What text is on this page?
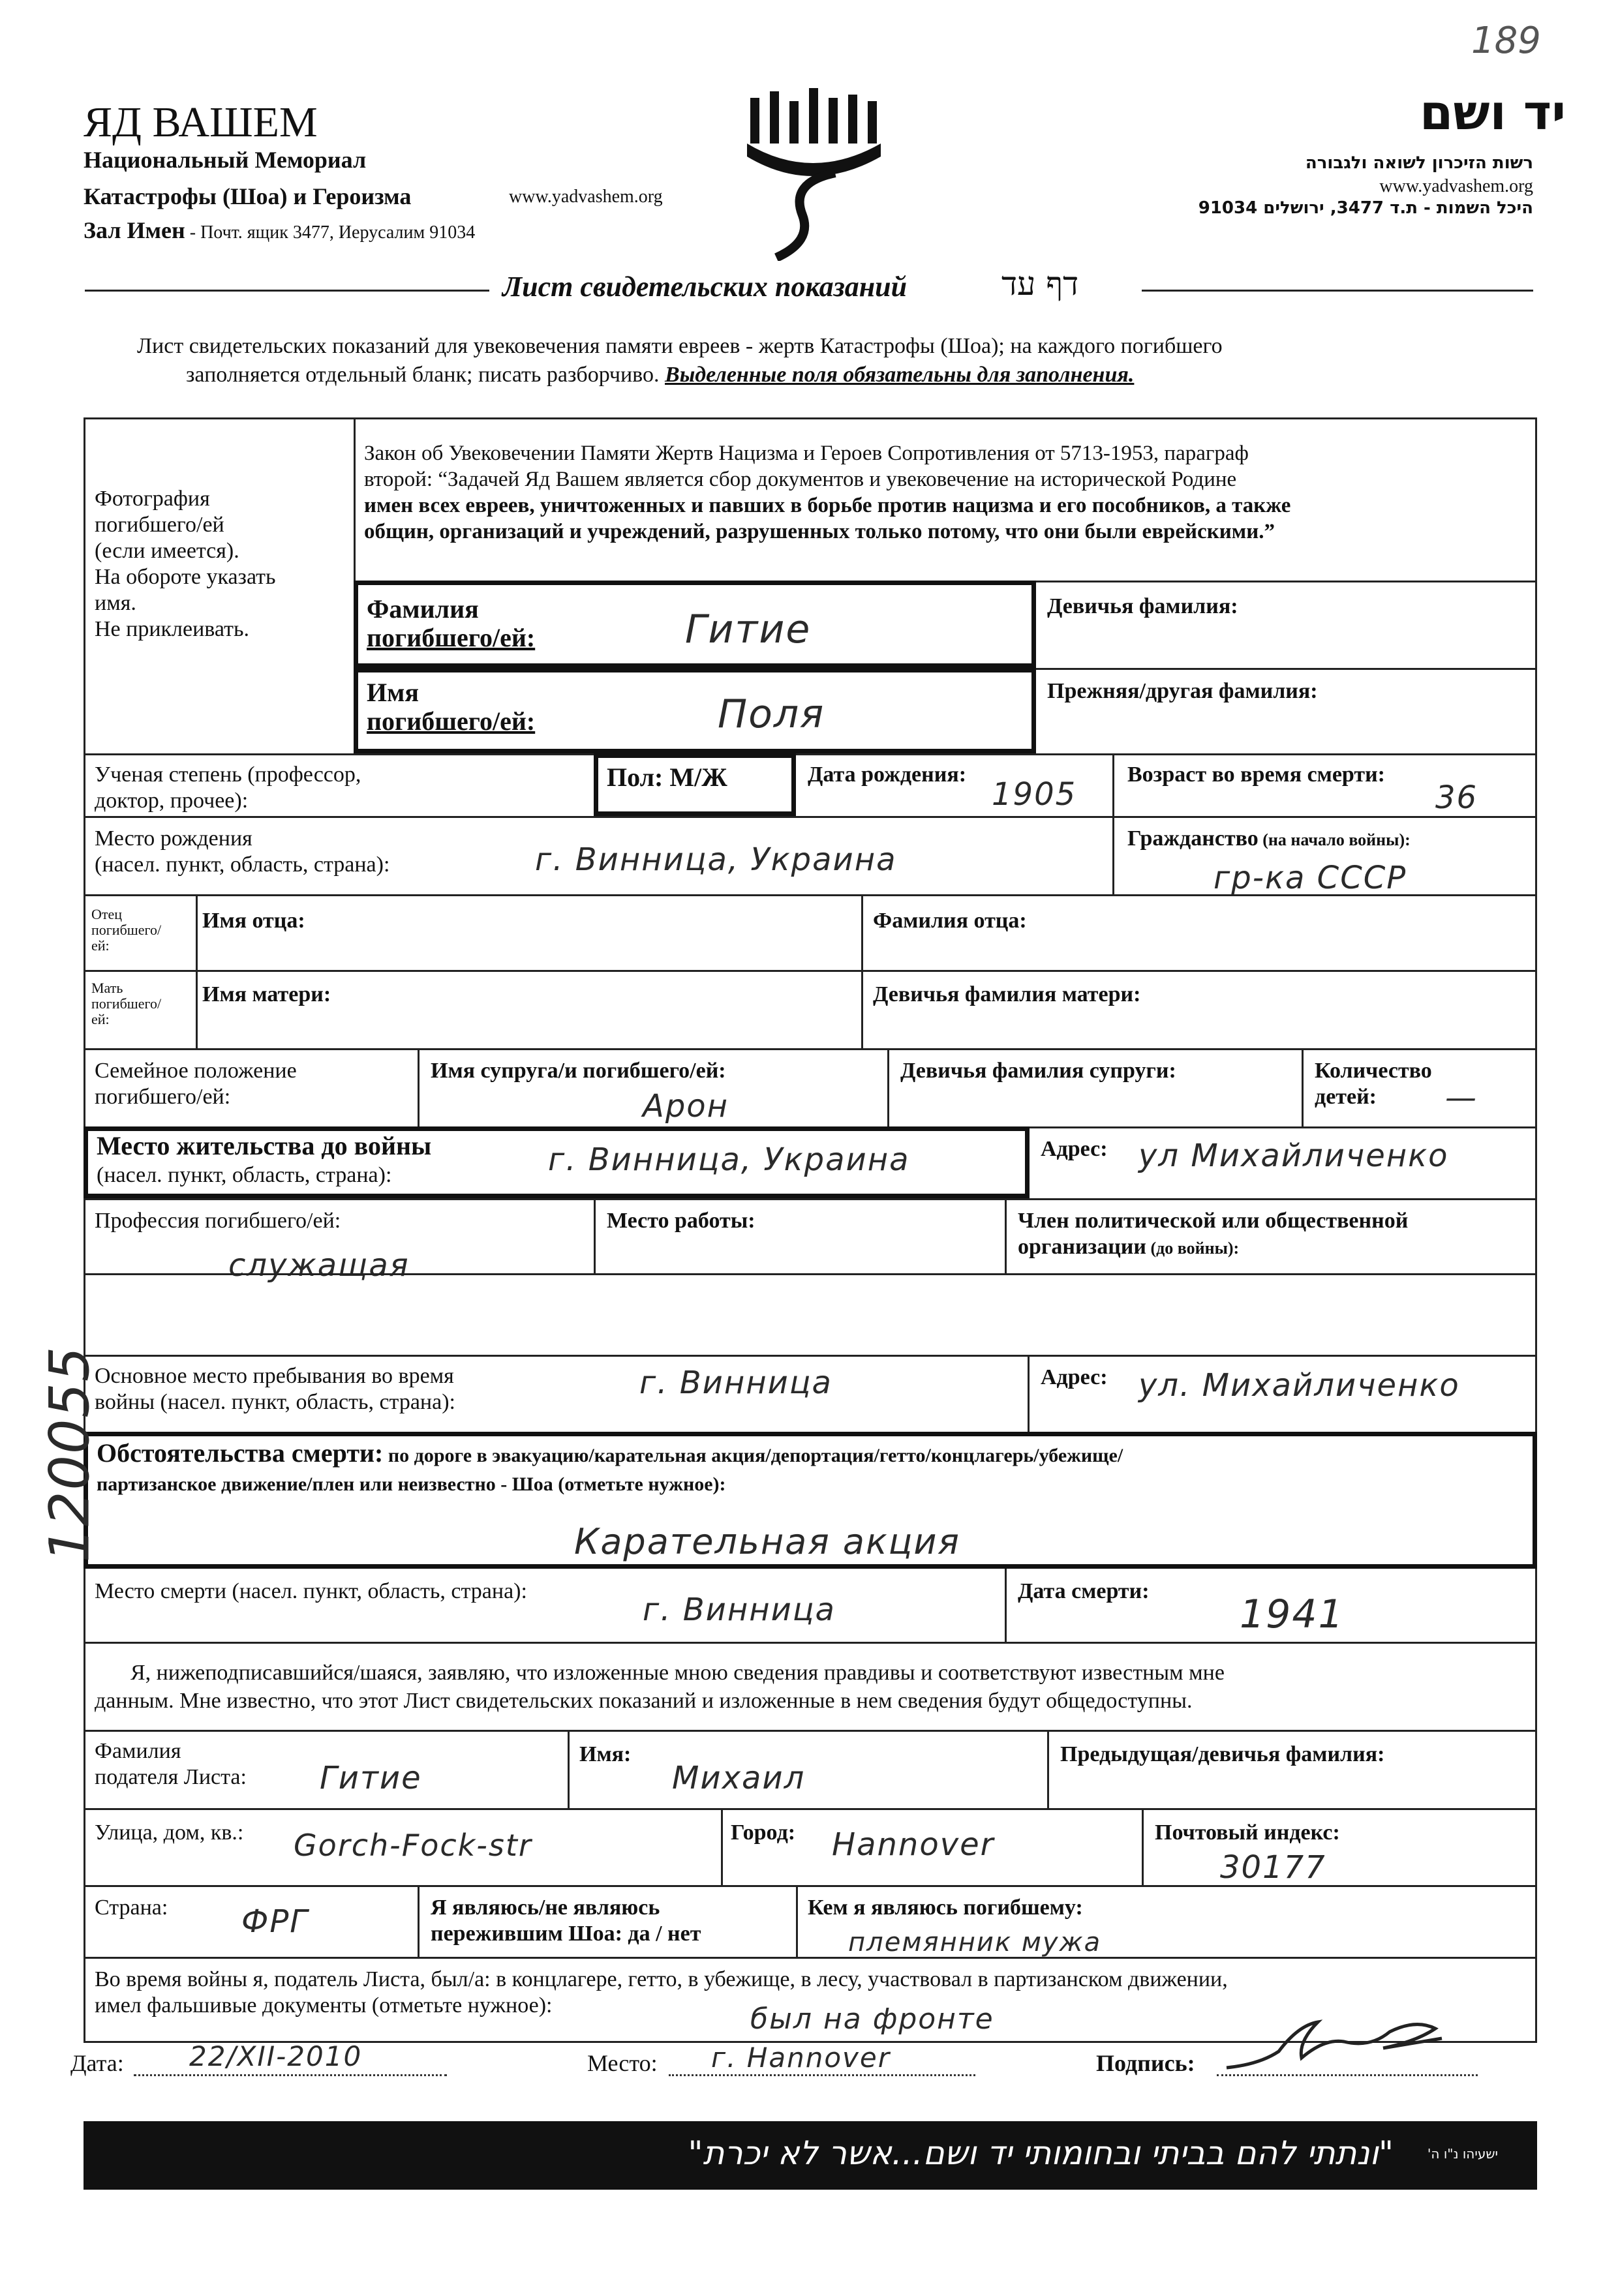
189
ЯД ВАШЕМ
Национальный Мемориал
Катастрофы (Шоа) и Героизма	www.yadvashem.org
Зал Имен - Почт. ящик 3477, Иерусалим 91034
יד ושם
רשות הזיכרון לשואה ולגבורה
www.yadvashem.org
היכל השמות - ת.ד 3477, ירושלים 91034
Лист свидетельских показаний	דף עד
Лист свидетельских показаний для увековечения памяти евреев - жертв Катастрофы (Шоа); на каждого погибшего
заполняется отдельный бланк; писать разборчиво. Выделенные поля обязательны для заполнения.
Фотография
погибшего/ей
(если имеется).
На обороте указать
имя.
Не приклеивать.
Закон об Увековечении Памяти Жертв Нацизма и Героев Сопротивления от 5713-1953, параграф
второй: “Задачей Яд Вашем является сбор документов и увековечение на исторической Родине
имен всех евреев, уничтоженных и павших в борьбе против нацизма и его пособников, а также
общин, организаций и учреждений, разрушенных только потому, что они были еврейскими.”
Фамилия
погибшего/ей:	Гитие
Девичья фамилия:
Имя
погибшего/ей:	Поля
Прежняя/другая фамилия:
Ученая степень (профессор,
доктор, прочее):
Пол: М/Ж	Дата рождения:
1905
Возраст во время смерти:
36
Место рождения
(насел. пункт, область, страна):	г. Винница, Украина
Гражданство (на начало войны):
гр-ка СССР
Отец
погибшего/
ей:
Имя отца:	Фамилия отца:
Мать
погибшего/
ей:
Имя матери:	Девичья фамилия матери:
Семейное положение
погибшего/ей:
Имя супруга/и погибшего/ей:
Арон
Девичья фамилия супруги:	Количество
детей: —
Место жительства до войны
(насел. пункт, область, страна):	г. Винница, Украина	Адрес: ул Михайличенко
Профессия погибшего/ей:
служащая
Место работы:	Член политической или общественной
организации (до войны):
Основное место пребывания во время
войны (насел. пункт, область, страна):
г. Винница	Адрес: ул. Михайличенко
Обстоятельства смерти: по дороге в эвакуацию/карательная акция/депортация/гетто/концлагерь/убежище/
партизанское движение/плен или неизвестно - Шоа (отметьте нужное):
Карательная акция
Место смерти (насел. пункт, область, страна):
г. Винница
Дата смерти:
1941
Я, нижеподписавшийся/шаяся, заявляю, что изложенные мною сведения правдивы и соответствуют известным мне
данным. Мне известно, что этот Лист свидетельских показаний и изложенные в нем сведения будут общедоступны.
Фамилия
подателя Листа: Гитие
Имя:
Михаил
Предыдущая/девичья фамилия:
Улица, дом, кв.: Gorch-Fock-str	Город: Hannover	Почтовый индекс:
30177
Страна: ФРГ	Я являюсь/не являюсь
пережившим Шоа: да / нет
Кем я являюсь погибшему:
племянник мужа
Во время войны я, податель Листа, был/а: в концлагере, гетто, в убежище, в лесу, участвовал в партизанском движении,
имел фальшивые документы (отметьте нужное):	был на фронте
Дата: 22/XII-2010	Место: г. Hannover	Подпись:
120055
"ונתתי להם בביתי ובחומותי יד ושם...אשר לא יכרת"	ישעיהו נ"ו ה'
